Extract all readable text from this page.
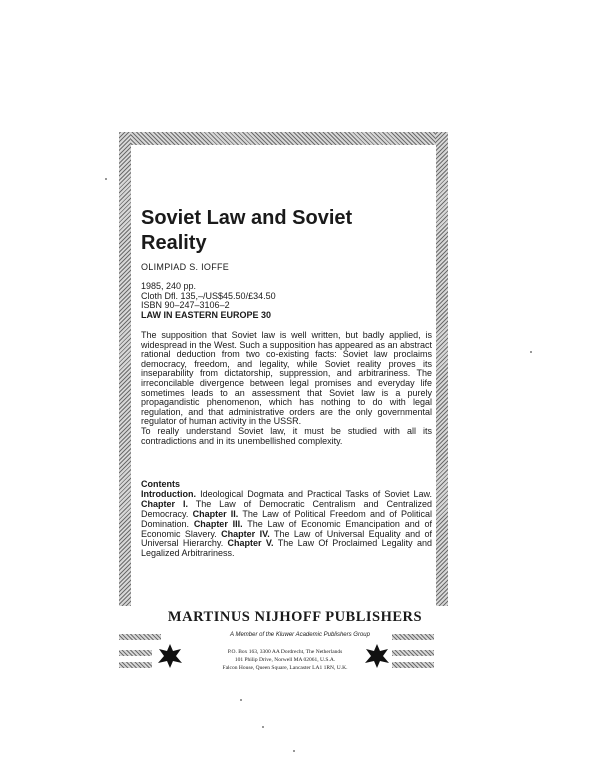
Soviet Law and Soviet Reality
OLIMPIAD S. IOFFE
1985, 240 pp.
Cloth Dfl. 135,–/US$45.50/£34.50
ISBN 90–247–3106–2
LAW IN EASTERN EUROPE 30

The supposition that Soviet law is well written, but badly applied, is widespread in the West. Such a supposition has appeared as an abstract rational deduction from two co-existing facts: Soviet law proclaims democracy, freedom, and legality, while Soviet reality proves its inseparability from dictatorship, suppression, and arbitrariness. The irreconcilable divergence between legal promises and everyday life sometimes leads to an assessment that Soviet law is a purely propagandistic phenomenon, which has nothing to do with legal regulation, and that administrative orders are the only governmental regulator of human activity in the USSR.

To really understand Soviet law, it must be studied with all its contradictions and in its unembellished complexity.

Contents
Introduction. Ideological Dogmata and Practical Tasks of Soviet Law. Chapter I. The Law of Democratic Centralism and Centralized Democracy. Chapter II. The Law of Political Freedom and of Political Domination. Chapter III. The Law of Economic Emancipation and of Economic Slavery. Chapter IV. The Law of Universal Equality and of Universal Hierarchy. Chapter V. The Law Of Proclaimed Legality and Legalized Arbitrariness.
MARTINUS NIJHOFF PUBLISHERS
A Member of the Kluwer Academic Publishers Group
P.O. Box 163, 3300 AA Dordrecht, The Netherlands
101 Philip Drive, Norwell MA 02061, U.S.A.
Falcon House, Queen Square, Lancaster LA1 1RN, U.K.
